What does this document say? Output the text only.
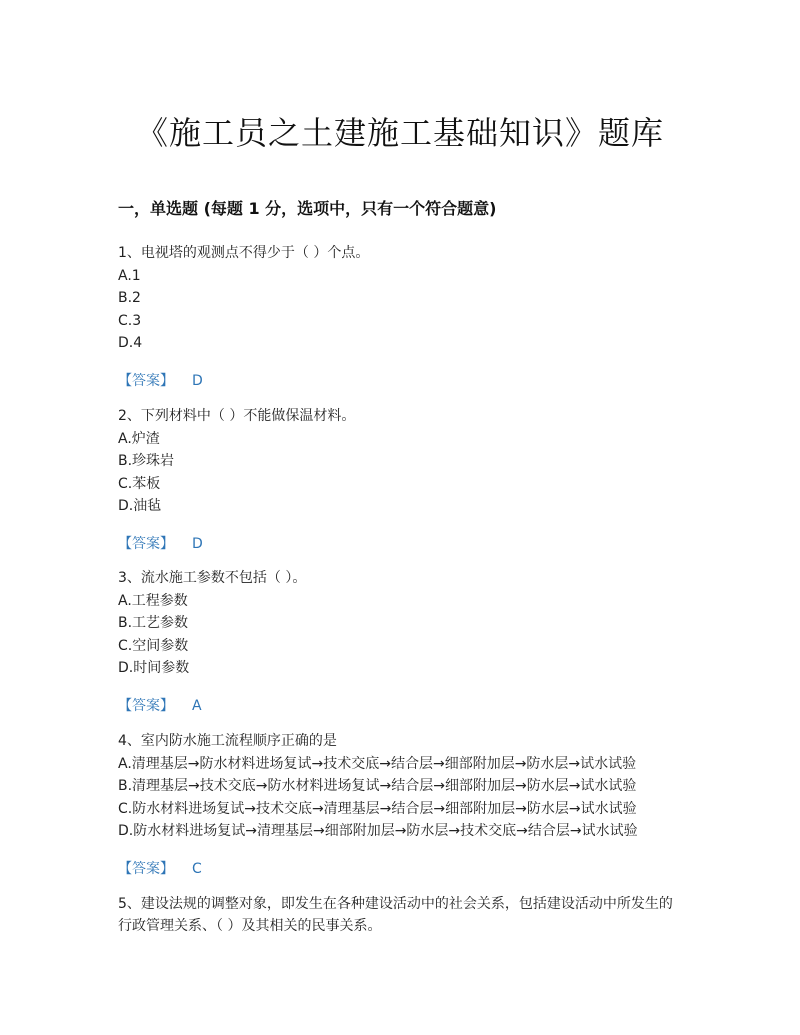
《施工员之土建施工基础知识》题库
一，单选题 (每题 1 分，选项中，只有一个符合题意)
1、电视塔的观测点不得少于（ ）个点。
A.1
B.2
C.3
D.4
【答案】 D
2、下列材料中（ ）不能做保温材料。
A.炉渣
B.珍珠岩
C.苯板
D.油毡
【答案】 D
3、流水施工参数不包括（ ）。
A.工程参数
B.工艺参数
C.空间参数
D.时间参数
【答案】 A
4、室内防水施工流程顺序正确的是
A.清理基层→防水材料进场复试→技术交底→结合层→细部附加层→防水层→试水试验
B.清理基层→技术交底→防水材料进场复试→结合层→细部附加层→防水层→试水试验
C.防水材料进场复试→技术交底→清理基层→结合层→细部附加层→防水层→试水试验
D.防水材料进场复试→清理基层→细部附加层→防水层→技术交底→结合层→试水试验
【答案】 C
5、建设法规的调整对象，即发生在各种建设活动中的社会关系，包括建设活动中所发生的行政管理关系、（ ）及其相关的民事关系。
